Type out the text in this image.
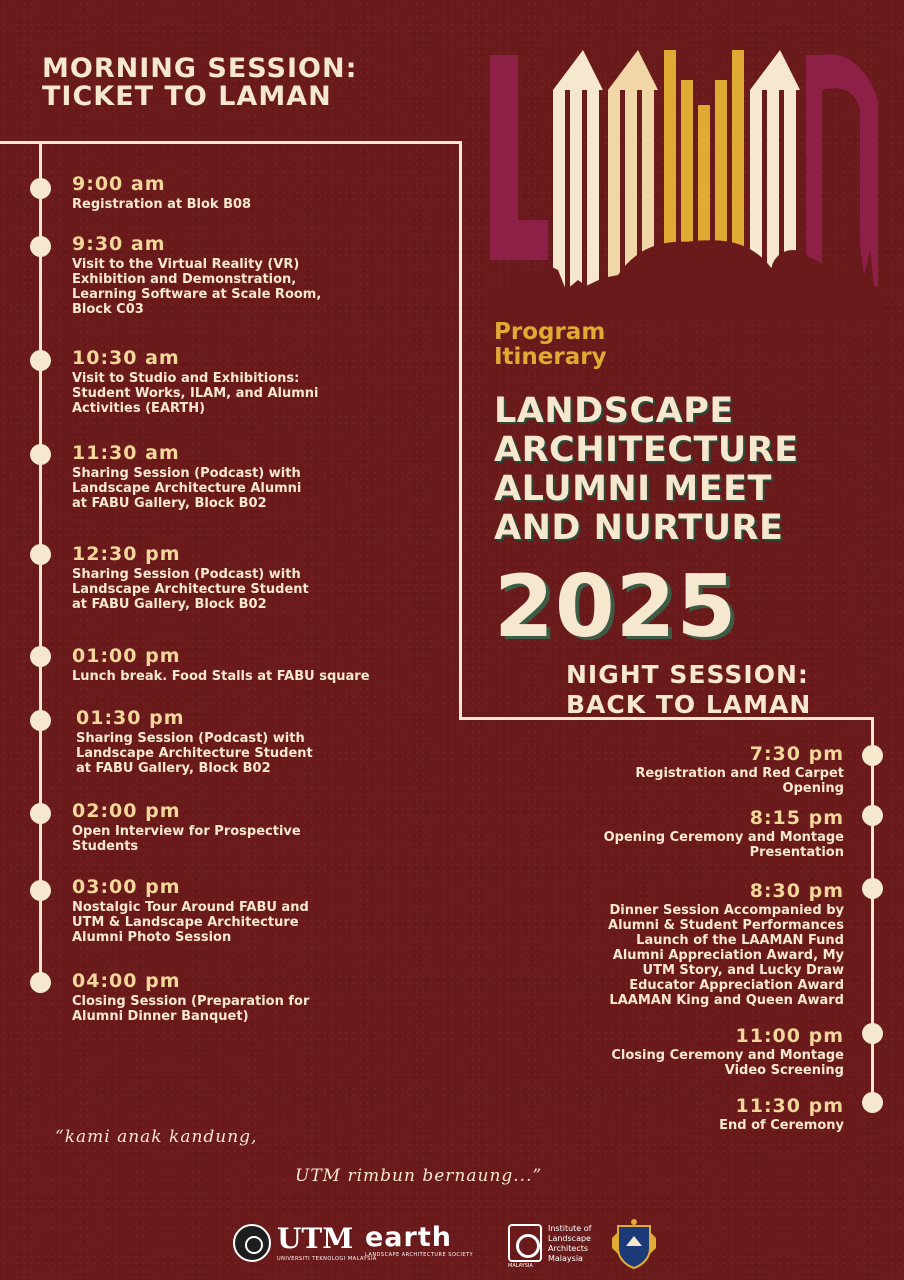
MORNING SESSION:
TICKET TO LAMAN
9:00 am
Registration at Blok B08
9:30 am
Visit to the Virtual Reality (VR)
Exhibition and Demonstration,
Learning Software at Scale Room,
Block C03
10:30 am
Visit to Studio and Exhibitions:
Student Works, ILAM, and Alumni
Activities (EARTH)
11:30 am
Sharing Session (Podcast) with
Landscape Architecture Alumni
at FABU Gallery, Block B02
12:30 pm
Sharing Session (Podcast) with
Landscape Architecture Student
at FABU Gallery, Block B02
01:00 pm
Lunch break. Food Stalls at FABU square
01:30 pm
Sharing Session (Podcast) with
Landscape Architecture Student
at FABU Gallery, Block B02
02:00 pm
Open Interview for Prospective
Students
03:00 pm
Nostalgic Tour Around FABU and
UTM & Landscape Architecture
Alumni Photo Session
04:00 pm
Closing Session (Preparation for
Alumni Dinner Banquet)
Program
Itinerary
LANDSCAPE
ARCHITECTURE
ALUMNI MEET
AND NURTURE
2025
NIGHT SESSION:
BACK TO LAMAN
7:30 pm
Registration and Red Carpet
Opening
8:15 pm
Opening Ceremony and Montage
Presentation
8:30 pm
Dinner Session Accompanied by
Alumni & Student Performances
Launch of the LAAMAN Fund
Alumni Appreciation Award, My
UTM Story, and Lucky Draw
Educator Appreciation Award
LAAMAN King and Queen Award
11:00 pm
Closing Ceremony and Montage
Video Screening
11:30 pm
End of Ceremony
“kami anak kandung,
UTM rimbun bernaung...”
UTM
UNIVERSITI TEKNOLOGI MALAYSIA
earth
LANDSCAPE ARCHITECTURE SOCIETY
Institute of Landscape Architects Malaysia
MALAYSIA
